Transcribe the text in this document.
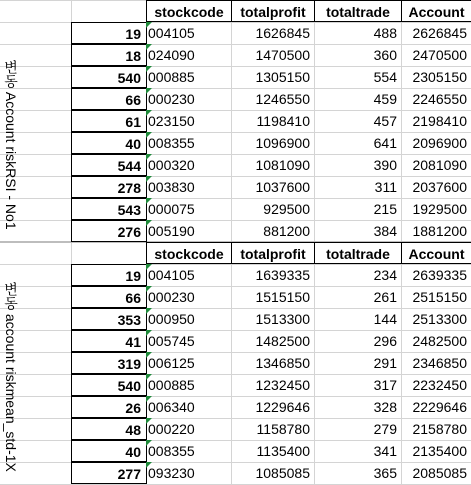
변동 Account riskRSI - No1
stockcode	totalprofit	totaltrade	Account
19 004105	1626845	488	2626845
18 024090	1470500	360	2470500
540 000885	1305150	554	2305150
66 000230	1246550	459	2246550
61 023150	1198410	457	2198410
40 008355	1096900	641	2096900
544 000320	1081090	390	2081090
278 003830	1037600	311	2037600
543 000075	929500	215	1929500
276 005190	881200	384	1881200
변동 account riskmean_std-1X
stockcode	totalprofit	totaltrade	Account
19 004105	1639335	234	2639335
66 000230	1515150	261	2515150
353 000950	1513300	144	2513300
41 005745	1482500	296	2482500
319 006125	1346850	291	2346850
540 000885	1232450	317	2232450
26 006340	1229646	328	2229646
48 000220	1158780	279	2158780
40 008355	1135400	341	2135400
277 093230	1085085	365	2085085
